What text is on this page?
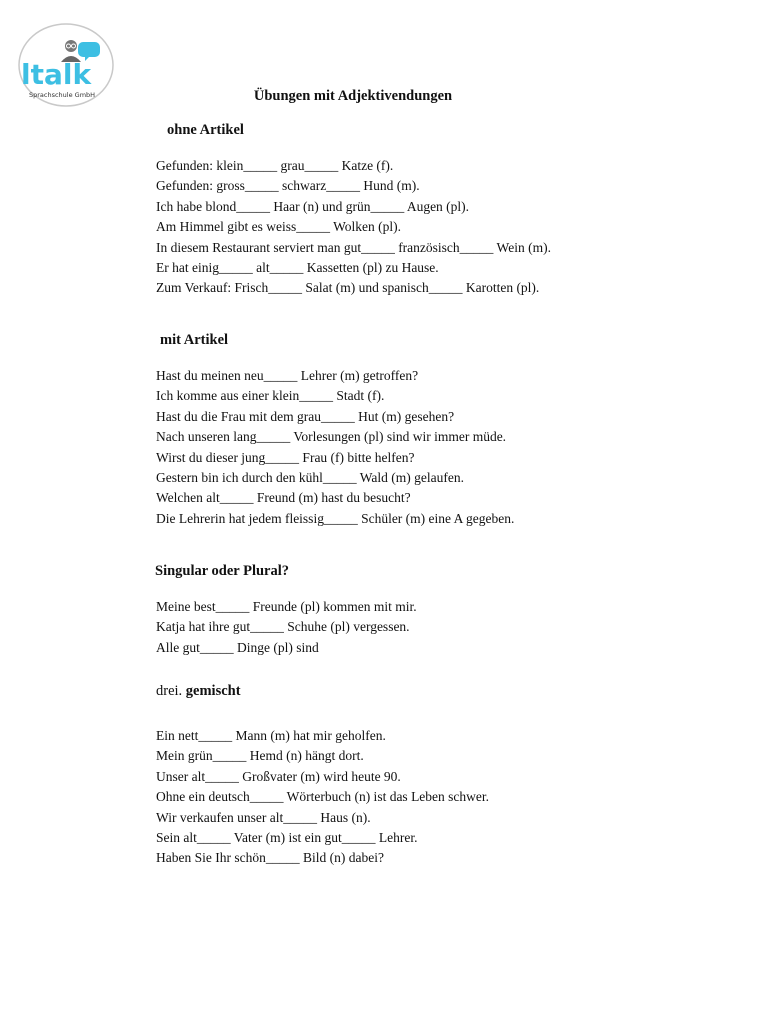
ltalk
Sprachschule GmbH	Übungen mit Adjektivendungen
ohne Artikel
Gefunden: klein_____ grau_____ Katze (f).
Gefunden: gross_____ schwarz_____ Hund (m).
Ich habe blond_____ Haar (n) und grün_____ Augen (pl).
Am Himmel gibt es weiss_____ Wolken (pl).
In diesem Restaurant serviert man gut_____ französisch_____ Wein (m).
Er hat einig_____ alt_____ Kassetten (pl) zu Hause.
Zum Verkauf: Frisch_____ Salat (m) und spanisch_____ Karotten (pl).
mit Artikel
Hast du meinen neu_____ Lehrer (m) getroffen?
Ich komme aus einer klein_____ Stadt (f).
Hast du die Frau mit dem grau_____ Hut (m) gesehen?
Nach unseren lang_____ Vorlesungen (pl) sind wir immer müde.
Wirst du dieser jung_____ Frau (f) bitte helfen?
Gestern bin ich durch den kühl_____ Wald (m) gelaufen.
Welchen alt_____ Freund (m) hast du besucht?
Die Lehrerin hat jedem fleissig_____ Schüler (m) eine A gegeben.
Singular oder Plural?
Meine best_____ Freunde (pl) kommen mit mir.
Katja hat ihre gut_____ Schuhe (pl) vergessen.
Alle gut_____ Dinge (pl) sind
drei. gemischt
Ein nett_____ Mann (m) hat mir geholfen.
Mein grün_____ Hemd (n) hängt dort.
Unser alt_____ Großvater (m) wird heute 90.
Ohne ein deutsch_____ Wörterbuch (n) ist das Leben schwer.
Wir verkaufen unser alt_____ Haus (n).
Sein alt_____ Vater (m) ist ein gut_____ Lehrer.
Haben Sie Ihr schön_____ Bild (n) dabei?
